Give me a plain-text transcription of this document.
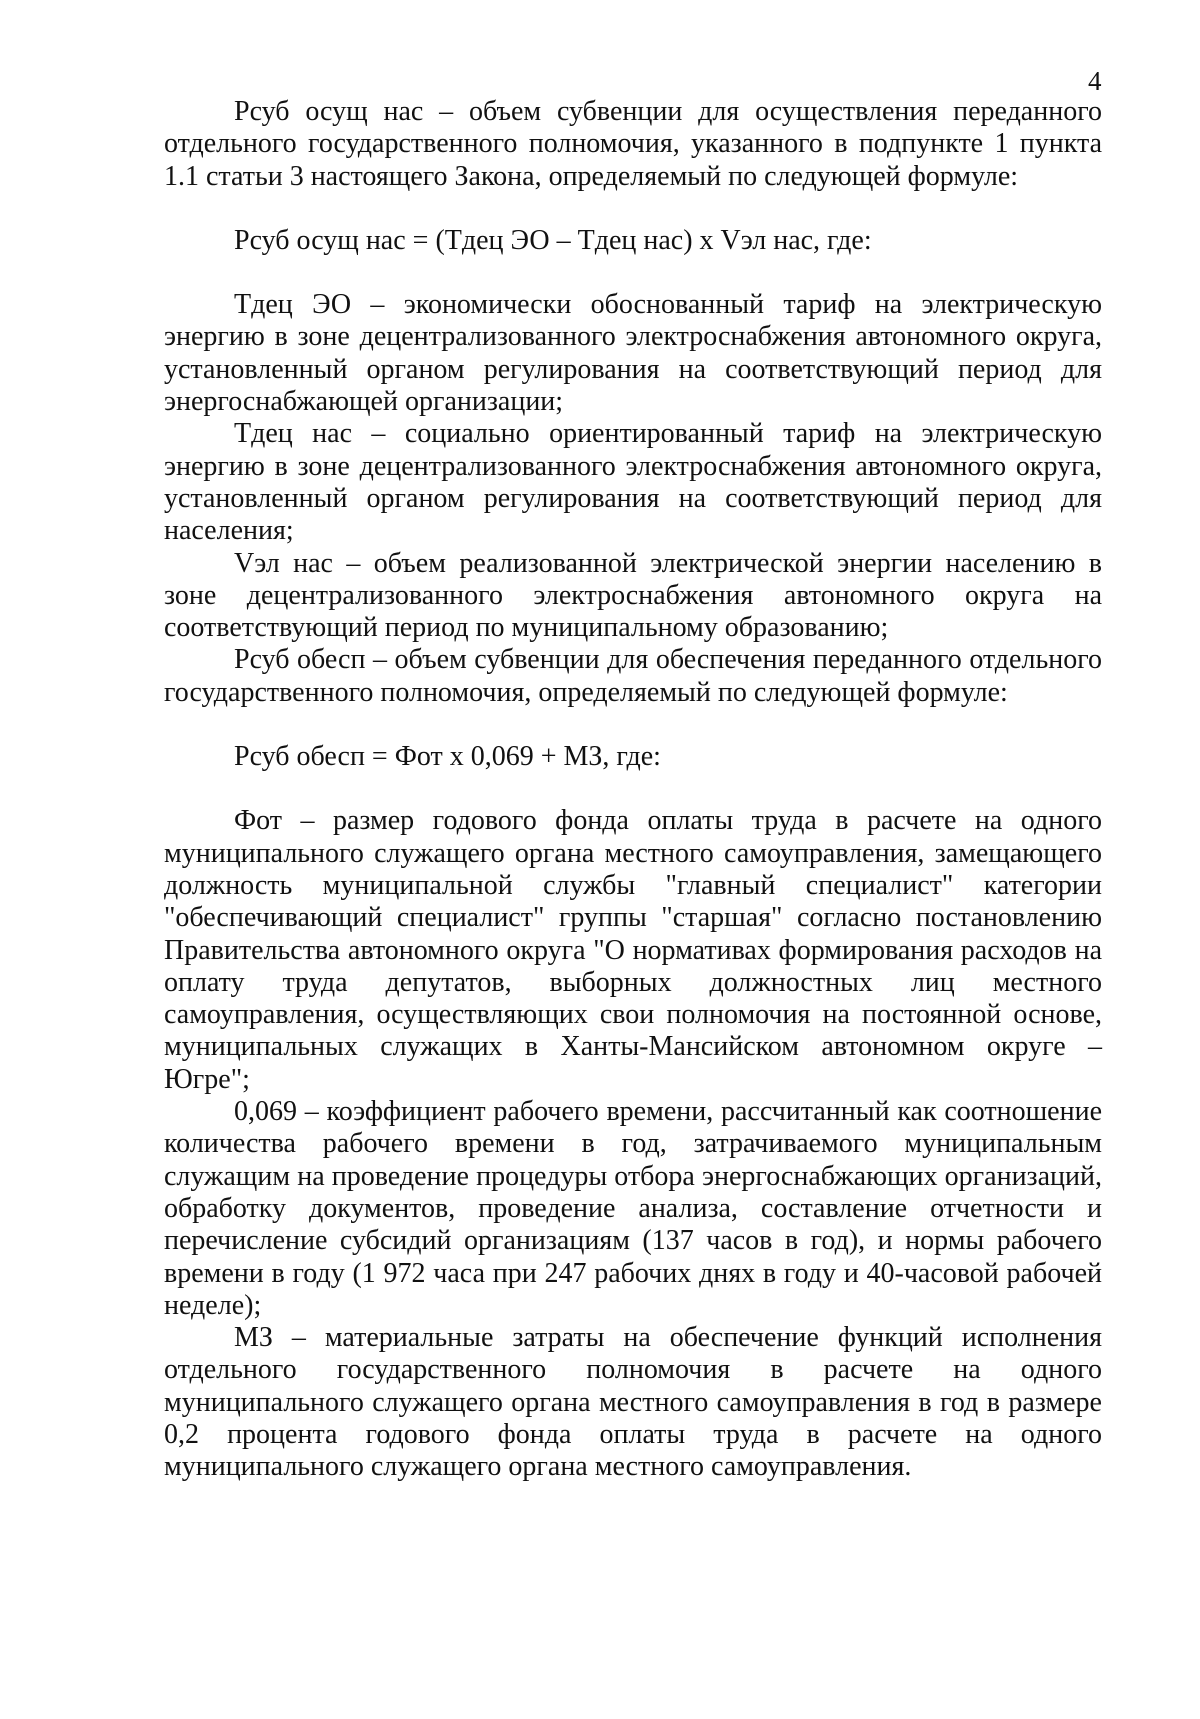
4

Рсуб осущ нас – объем субвенции для осуществления переданного отдельного государственного полномочия, указанного в подпункте 1 пункта 1.1 статьи 3 настоящего Закона, определяемый по следующей формуле:

Рсуб осущ нас = (Тдец ЭО – Тдец нас) х Vэл нас, где:

Тдец ЭО – экономически обоснованный тариф на электрическую энергию в зоне децентрализованного электроснабжения автономного округа, установленный органом регулирования на соответствующий период для энергоснабжающей организации;

Тдец нас – социально ориентированный тариф на электрическую энергию в зоне децентрализованного электроснабжения автономного округа, установленный органом регулирования на соответствующий период для населения;

Vэл нас – объем реализованной электрической энергии населению в зоне децентрализованного электроснабжения автономного округа на соответствующий период по муниципальному образованию;

Рсуб обесп – объем субвенции для обеспечения переданного отдельного государственного полномочия, определяемый по следующей формуле:

Рсуб обесп = Фот х 0,069 + МЗ, где:

Фот – размер годового фонда оплаты труда в расчете на одного муниципального служащего органа местного самоуправления, замещающего должность муниципальной службы "главный специалист" категории "обеспечивающий специалист" группы "старшая" согласно постановлению Правительства автономного округа "О нормативах формирования расходов на оплату труда депутатов, выборных должностных лиц местного самоуправления, осуществляющих свои полномочия на постоянной основе, муниципальных служащих в Ханты-Мансийском автономном округе – Югре";

0,069 – коэффициент рабочего времени, рассчитанный как соотношение количества рабочего времени в год, затрачиваемого муниципальным служащим на проведение процедуры отбора энергоснабжающих организаций, обработку документов, проведение анализа, составление отчетности и перечисление субсидий организациям (137 часов в год), и нормы рабочего времени в году (1 972 часа при 247 рабочих днях в году и 40-часовой рабочей неделе);

МЗ – материальные затраты на обеспечение функций исполнения отдельного государственного полномочия в расчете на одного муниципального служащего органа местного самоуправления в год в размере 0,2 процента годового фонда оплаты труда в расчете на одного муниципального служащего органа местного самоуправления.
